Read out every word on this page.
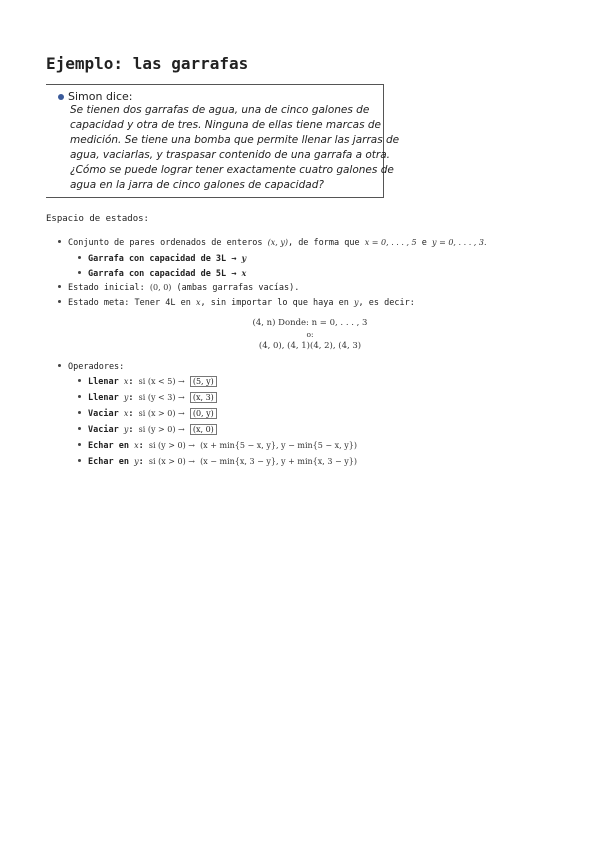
Ejemplo: las garrafas
Simon dice:
Se tienen dos garrafas de agua, una de cinco galones de
capacidad y otra de tres. Ninguna de ellas tiene marcas de
medición. Se tiene una bomba que permite llenar las jarras de
agua, vaciarlas, y traspasar contenido de una garrafa a otra.
¿Cómo se puede lograr tener exactamente cuatro galones de
agua en la jarra de cinco galones de capacidad?
Espacio de estados:
Conjunto de pares ordenados de enteros (x, y), de forma que x = 0, . . . , 5 e y = 0, . . . , 3.
Garrafa con capacidad de 3L → y
Garrafa con capacidad de 5L → x
Estado inicial: (0, 0) (ambas garrafas vacías).
Estado meta: Tener 4L en x, sin importar lo que haya en y, es decir:
(4, n) Donde: n = 0, . . . , 3
o:
(4, 0), (4, 1)(4, 2), (4, 3)
Operadores:
Llenar x: si (x < 5) → (5, y)
Llenar y: si (y < 3) → (x, 3)
Vaciar x: si (x > 0) → (0, y)
Vaciar y: si (y > 0) → (x, 0)
Echar en x: si (y > 0) → (x + min{5 − x, y}, y − min{5 − x, y})
Echar en y: si (x > 0) → (x − min{x, 3 − y}, y + min{x, 3 − y})
